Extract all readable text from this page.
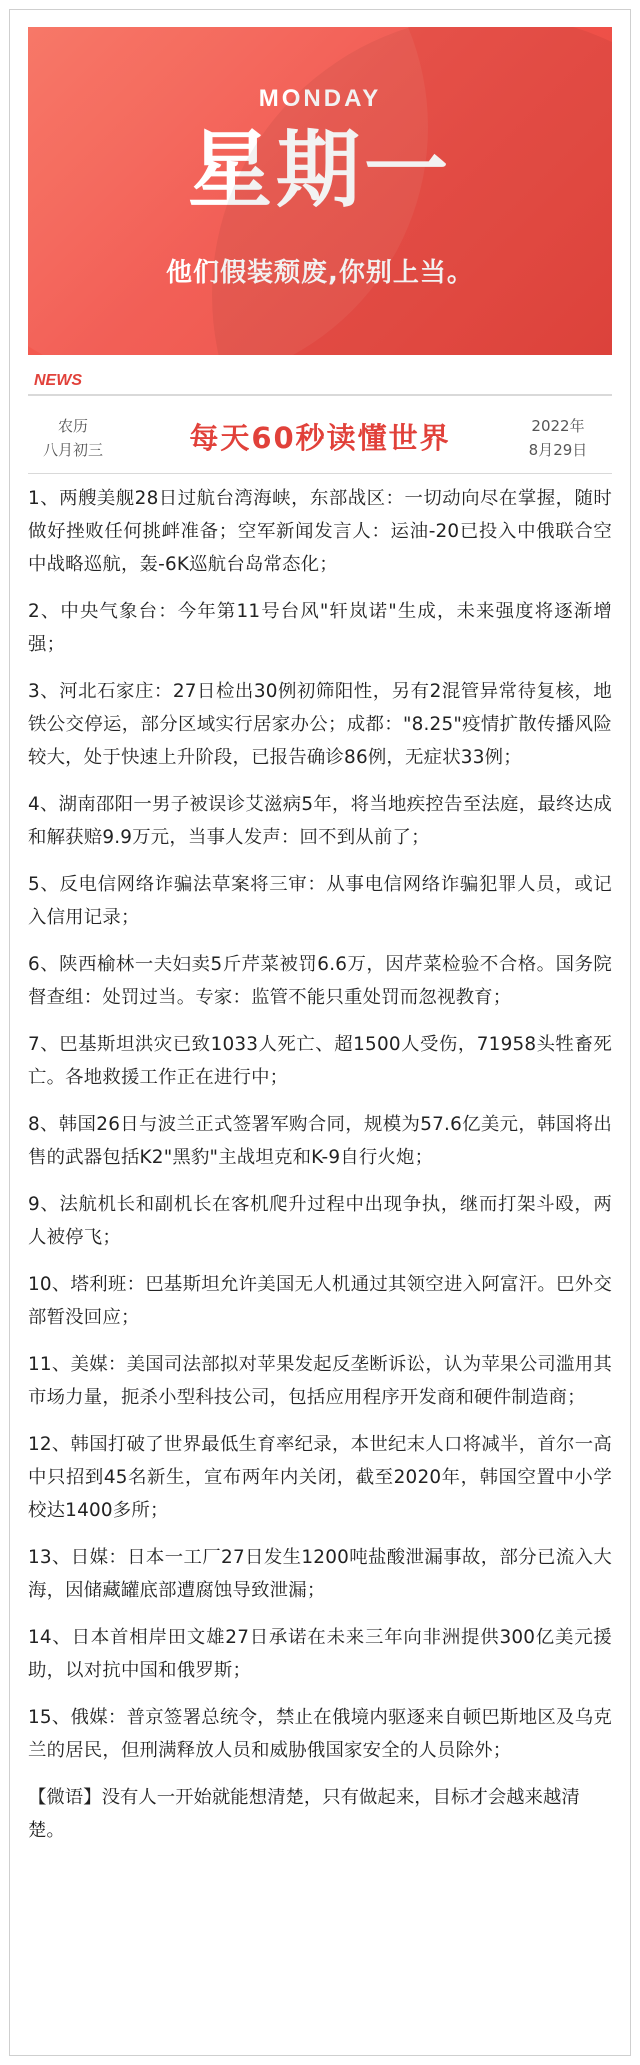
MONDAY
星期一
他们假装颓废,你别上当。
NEWS
农历
八月初三	每天60秒读懂世界	2022年
8月29日

1、两艘美舰28日过航台湾海峡，东部战区：一切动向尽在掌握，随时做好挫败任何挑衅准备；空军新闻发言人：运油-20已投入中俄联合空中战略巡航，轰-6K巡航台岛常态化；

2、中央气象台：今年第11号台风"轩岚诺"生成，未来强度将逐渐增强；

3、河北石家庄：27日检出30例初筛阳性，另有2混管异常待复核，地铁公交停运，部分区域实行居家办公；成都："8.25"疫情扩散传播风险较大，处于快速上升阶段，已报告确诊86例，无症状33例；

4、湖南邵阳一男子被误诊艾滋病5年，将当地疾控告至法庭，最终达成和解获赔9.9万元，当事人发声：回不到从前了；

5、反电信网络诈骗法草案将三审：从事电信网络诈骗犯罪人员，或记入信用记录；

6、陕西榆林一夫妇卖5斤芹菜被罚6.6万，因芹菜检验不合格。国务院督查组：处罚过当。专家：监管不能只重处罚而忽视教育；

7、巴基斯坦洪灾已致1033人死亡、超1500人受伤，71958头牲畜死亡。各地救援工作正在进行中；

8、韩国26日与波兰正式签署军购合同，规模为57.6亿美元，韩国将出售的武器包括K2"黑豹"主战坦克和K-9自行火炮；

9、法航机长和副机长在客机爬升过程中出现争执，继而打架斗殴，两人被停飞；

10、塔利班：巴基斯坦允许美国无人机通过其领空进入阿富汗。巴外交部暂没回应；

11、美媒：美国司法部拟对苹果发起反垄断诉讼，认为苹果公司滥用其市场力量，扼杀小型科技公司，包括应用程序开发商和硬件制造商；

12、韩国打破了世界最低生育率纪录，本世纪末人口将减半，首尔一高中只招到45名新生，宣布两年内关闭，截至2020年，韩国空置中小学校达1400多所；

13、日媒：日本一工厂27日发生1200吨盐酸泄漏事故，部分已流入大海，因储藏罐底部遭腐蚀导致泄漏；

14、日本首相岸田文雄27日承诺在未来三年向非洲提供300亿美元援助，以对抗中国和俄罗斯；

15、俄媒：普京签署总统令，禁止在俄境内驱逐来自顿巴斯地区及乌克兰的居民，但刑满释放人员和威胁俄国家安全的人员除外；

【微语】没有人一开始就能想清楚，只有做起来，目标才会越来越清楚。
